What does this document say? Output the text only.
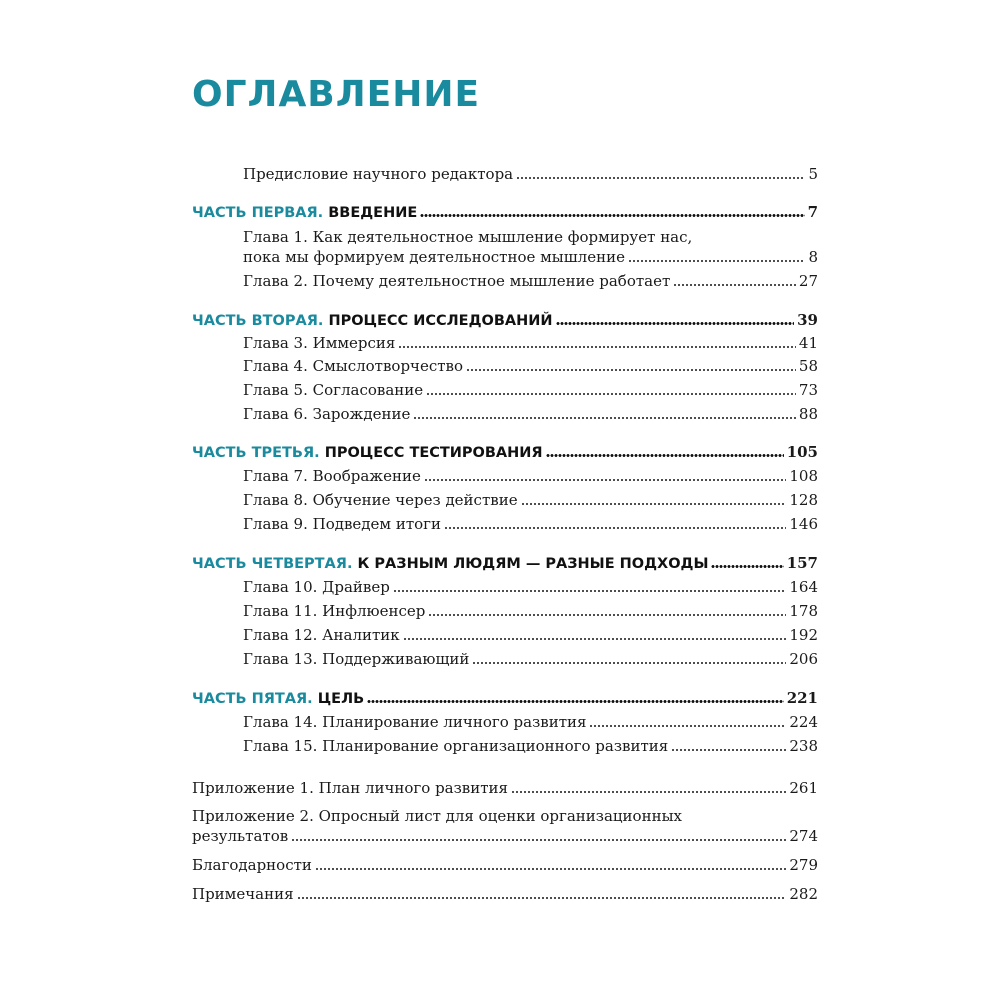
ОГЛАВЛЕНИЕ
Предисловие научного редактора	5
ЧАСТЬ ПЕРВАЯ. ВВЕДЕНИЕ	7
Глава 1. Как деятельностное мышление формирует нас,
пока мы формируем деятельностное мышление	8
Глава 2. Почему деятельностное мышление работает	27
ЧАСТЬ ВТОРАЯ. ПРОЦЕСС ИССЛЕДОВАНИЙ	39
Глава 3. Иммерсия	41
Глава 4. Смыслотворчество	58
Глава 5. Согласование	73
Глава 6. Зарождение	88
ЧАСТЬ ТРЕТЬЯ. ПРОЦЕСС ТЕСТИРОВАНИЯ	105
Глава 7. Воображение	108
Глава 8. Обучение через действие	128
Глава 9. Подведем итоги	146
ЧАСТЬ ЧЕТВЕРТАЯ. К РАЗНЫМ ЛЮДЯМ — РАЗНЫЕ ПОДХОДЫ	157
Глава 10. Драйвер	164
Глава 11. Инфлюенсер	178
Глава 12. Аналитик	192
Глава 13. Поддерживающий	206
ЧАСТЬ ПЯТАЯ. ЦЕЛЬ	221
Глава 14. Планирование личного развития	224
Глава 15. Планирование организационного развития	238
Приложение 1. План личного развития	261
Приложение 2. Опросный лист для оценки организационных
результатов	274
Благодарности	279
Примечания	282
